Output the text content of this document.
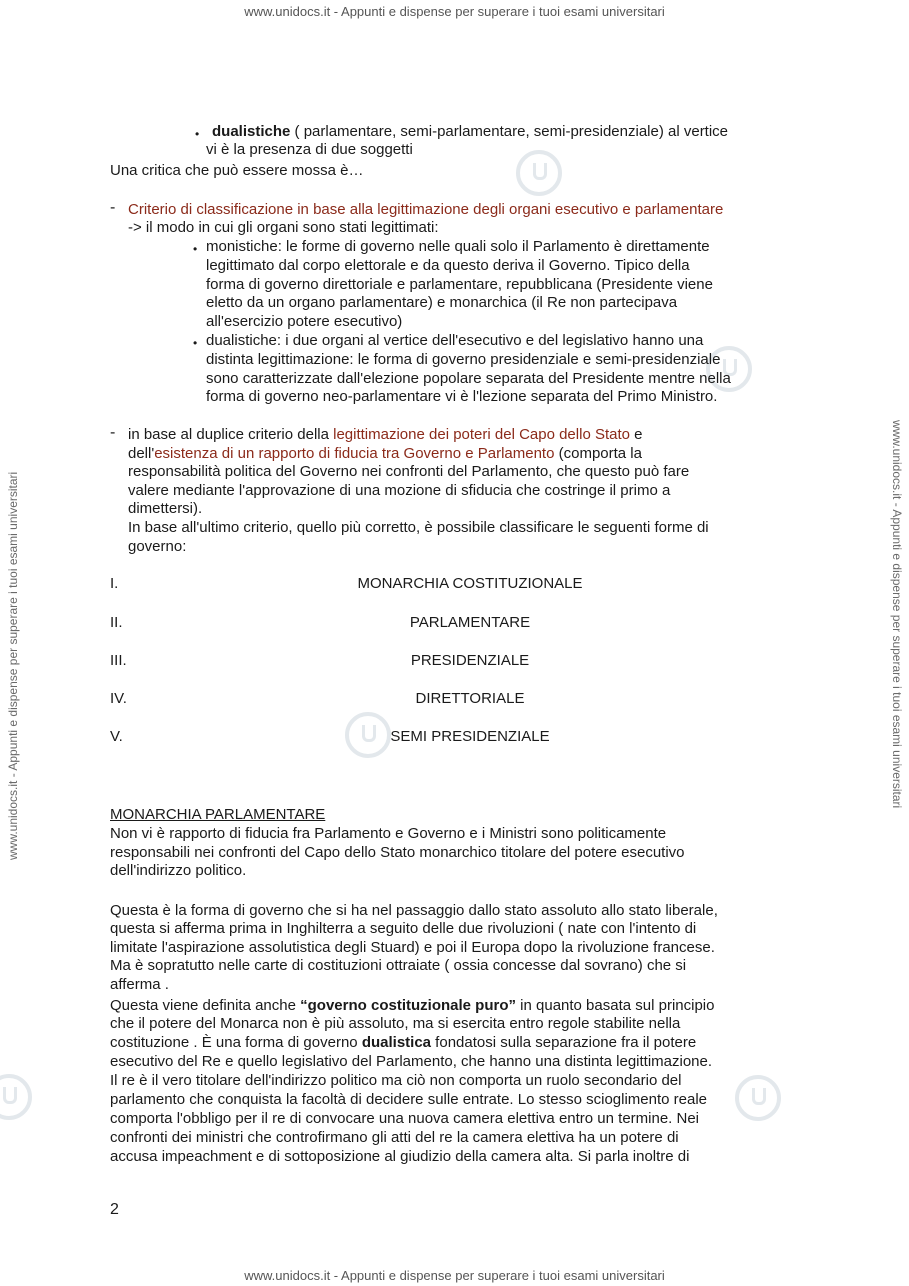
www.unidocs.it - Appunti e dispense per superare i tuoi esami universitari
www.unidocs.it - Appunti e dispense per superare i tuoi esami universitari
www.unidocs.it - Appunti e dispense per superare i tuoi esami universitari	www.unidocs.it - Appunti e dispense per superare i tuoi esami universitari
• dualistiche ( parlamentare, semi-parlamentare, semi-presidenziale) al vertice
vi è la presenza di due soggetti
Una critica che può essere mossa è…
- Criterio di classificazione in base alla legittimazione degli organi esecutivo e parlamentare
-> il modo in cui gli organi sono stati legittimati:
• monistiche: le forme di governo nelle quali solo il Parlamento è direttamente
legittimato dal corpo elettorale e da questo deriva il Governo. Tipico della
forma di governo direttoriale e parlamentare, repubblicana (Presidente viene
eletto da un organo parlamentare) e monarchica (il Re non partecipava
all'esercizio potere esecutivo)
• dualistiche: i due organi al vertice dell'esecutivo e del legislativo hanno una
distinta legittimazione: le forma di governo presidenziale e semi-presidenziale
sono caratterizzate dall'elezione popolare separata del Presidente mentre nella
forma di governo neo-parlamentare vi è l'lezione separata del Primo Ministro.
- in base al duplice criterio della legittimazione dei poteri del Capo dello Stato e
dell'esistenza di un rapporto di fiducia tra Governo e Parlamento (comporta la
responsabilità politica del Governo nei confronti del Parlamento, che questo può fare
valere mediante l'approvazione di una mozione di sfiducia che costringe il primo a
dimettersi).
In base all'ultimo criterio, quello più corretto, è possibile classificare le seguenti forme di
governo:
I.	MONARCHIA COSTITUZIONALE
II.	PARLAMENTARE
III.	PRESIDENZIALE
IV.	DIRETTORIALE
V.	SEMI PRESIDENZIALE
MONARCHIA PARLAMENTARE
Non vi è rapporto di fiducia fra Parlamento e Governo e i Ministri sono politicamente
responsabili nei confronti del Capo dello Stato monarchico titolare del potere esecutivo
dell'indirizzo politico.
Questa è la forma di governo che si ha nel passaggio dallo stato assoluto allo stato liberale,
questa si afferma prima in Inghilterra a seguito delle due rivoluzioni ( nate con l'intento di
limitate l'aspirazione assolutistica degli Stuard) e poi il Europa dopo la rivoluzione francese.
Ma è sopratutto nelle carte di costituzioni ottraiate ( ossia concesse dal sovrano) che si
afferma .
Questa viene definita anche “governo costituzionale puro” in quanto basata sul principio
che il potere del Monarca non è più assoluto, ma si esercita entro regole stabilite nella
costituzione . È una forma di governo dualistica fondatosi sulla separazione fra il potere
esecutivo del Re e quello legislativo del Parlamento, che hanno una distinta legittimazione.
Il re è il vero titolare dell'indirizzo politico ma ciò non comporta un ruolo secondario del
parlamento che conquista la facoltà di decidere sulle entrate. Lo stesso scioglimento reale
comporta l'obbligo per il re di convocare una nuova camera elettiva entro un termine. Nei
confronti dei ministri che controfirmano gli atti del re la camera elettiva ha un potere di
accusa impeachment e di sottoposizione al giudizio della camera alta. Si parla inoltre di
2
